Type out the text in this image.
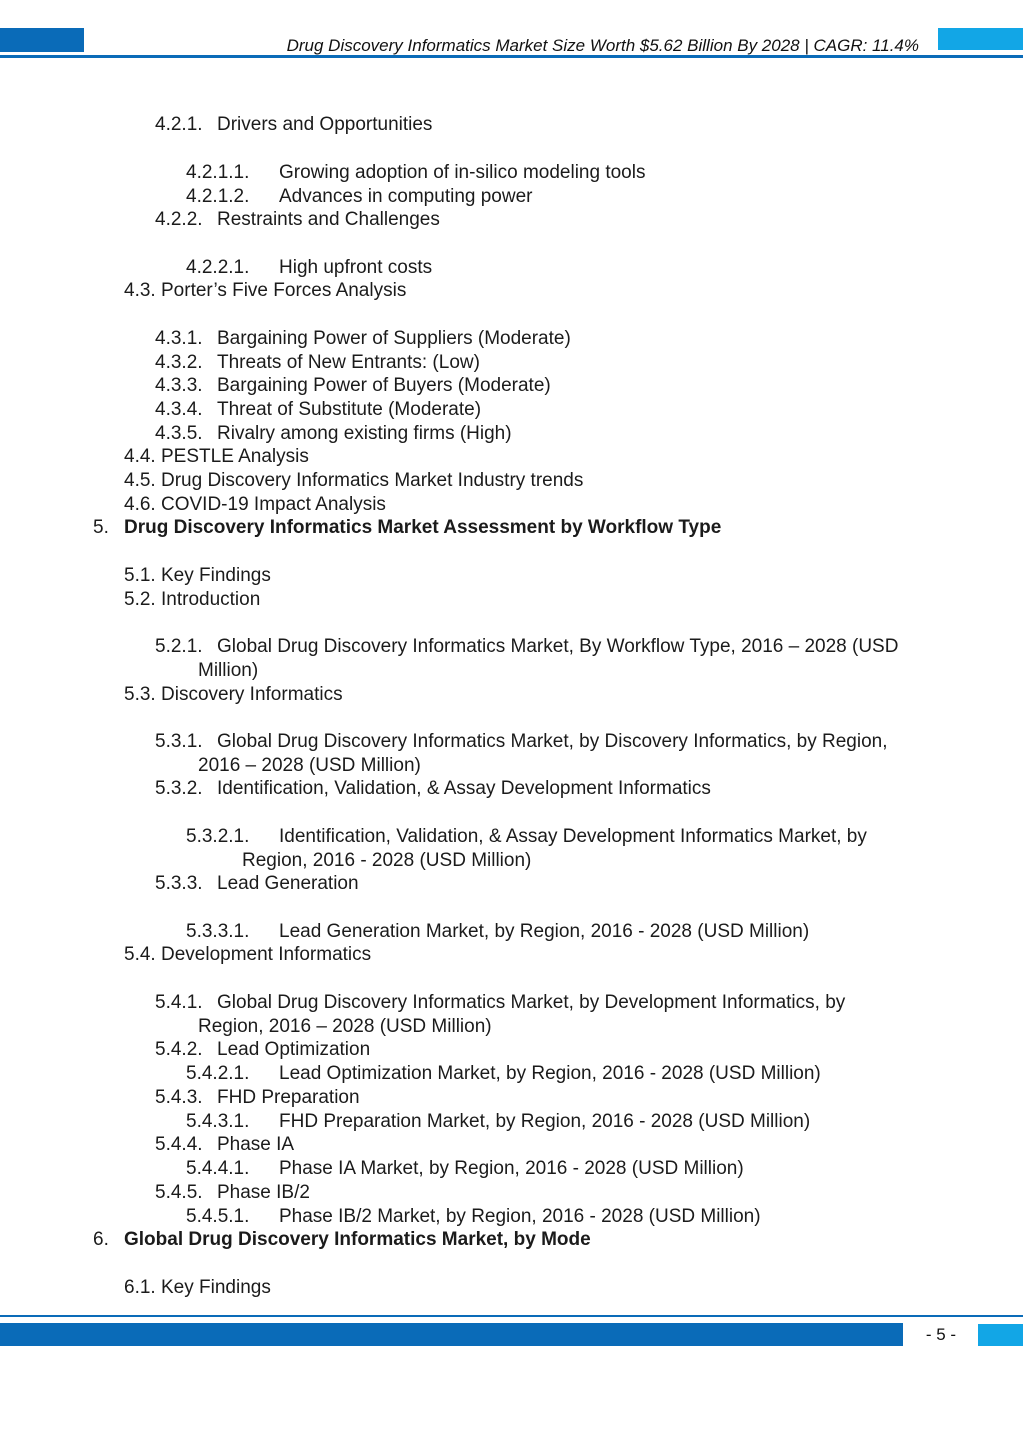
Drug Discovery Informatics Market Size Worth $5.62 Billion By 2028 | CAGR: 11.4%
4.2.1. Drivers and Opportunities
4.2.1.1. Growing adoption of in-silico modeling tools
4.2.1.2. Advances in computing power
4.2.2. Restraints and Challenges
4.2.2.1. High upfront costs
4.3. Porter’s Five Forces Analysis
4.3.1. Bargaining Power of Suppliers (Moderate)
4.3.2. Threats of New Entrants: (Low)
4.3.3. Bargaining Power of Buyers (Moderate)
4.3.4. Threat of Substitute (Moderate)
4.3.5. Rivalry among existing firms (High)
4.4. PESTLE Analysis
4.5. Drug Discovery Informatics Market Industry trends
4.6. COVID-19 Impact Analysis
5. Drug Discovery Informatics Market Assessment by Workflow Type
5.1. Key Findings
5.2. Introduction
5.2.1. Global Drug Discovery Informatics Market, By Workflow Type, 2016 – 2028 (USD
Million)
5.3. Discovery Informatics
5.3.1. Global Drug Discovery Informatics Market, by Discovery Informatics, by Region,
2016 – 2028 (USD Million)
5.3.2. Identification, Validation, & Assay Development Informatics
5.3.2.1. Identification, Validation, & Assay Development Informatics Market, by
Region, 2016 - 2028 (USD Million)
5.3.3. Lead Generation
5.3.3.1. Lead Generation Market, by Region, 2016 - 2028 (USD Million)
5.4. Development Informatics
5.4.1. Global Drug Discovery Informatics Market, by Development Informatics, by
Region, 2016 – 2028 (USD Million)
5.4.2. Lead Optimization
5.4.2.1. Lead Optimization Market, by Region, 2016 - 2028 (USD Million)
5.4.3. FHD Preparation
5.4.3.1. FHD Preparation Market, by Region, 2016 - 2028 (USD Million)
5.4.4. Phase IA
5.4.4.1. Phase IA Market, by Region, 2016 - 2028 (USD Million)
5.4.5. Phase IB/2
5.4.5.1. Phase IB/2 Market, by Region, 2016 - 2028 (USD Million)
6. Global Drug Discovery Informatics Market, by Mode
6.1. Key Findings
- 5 -
